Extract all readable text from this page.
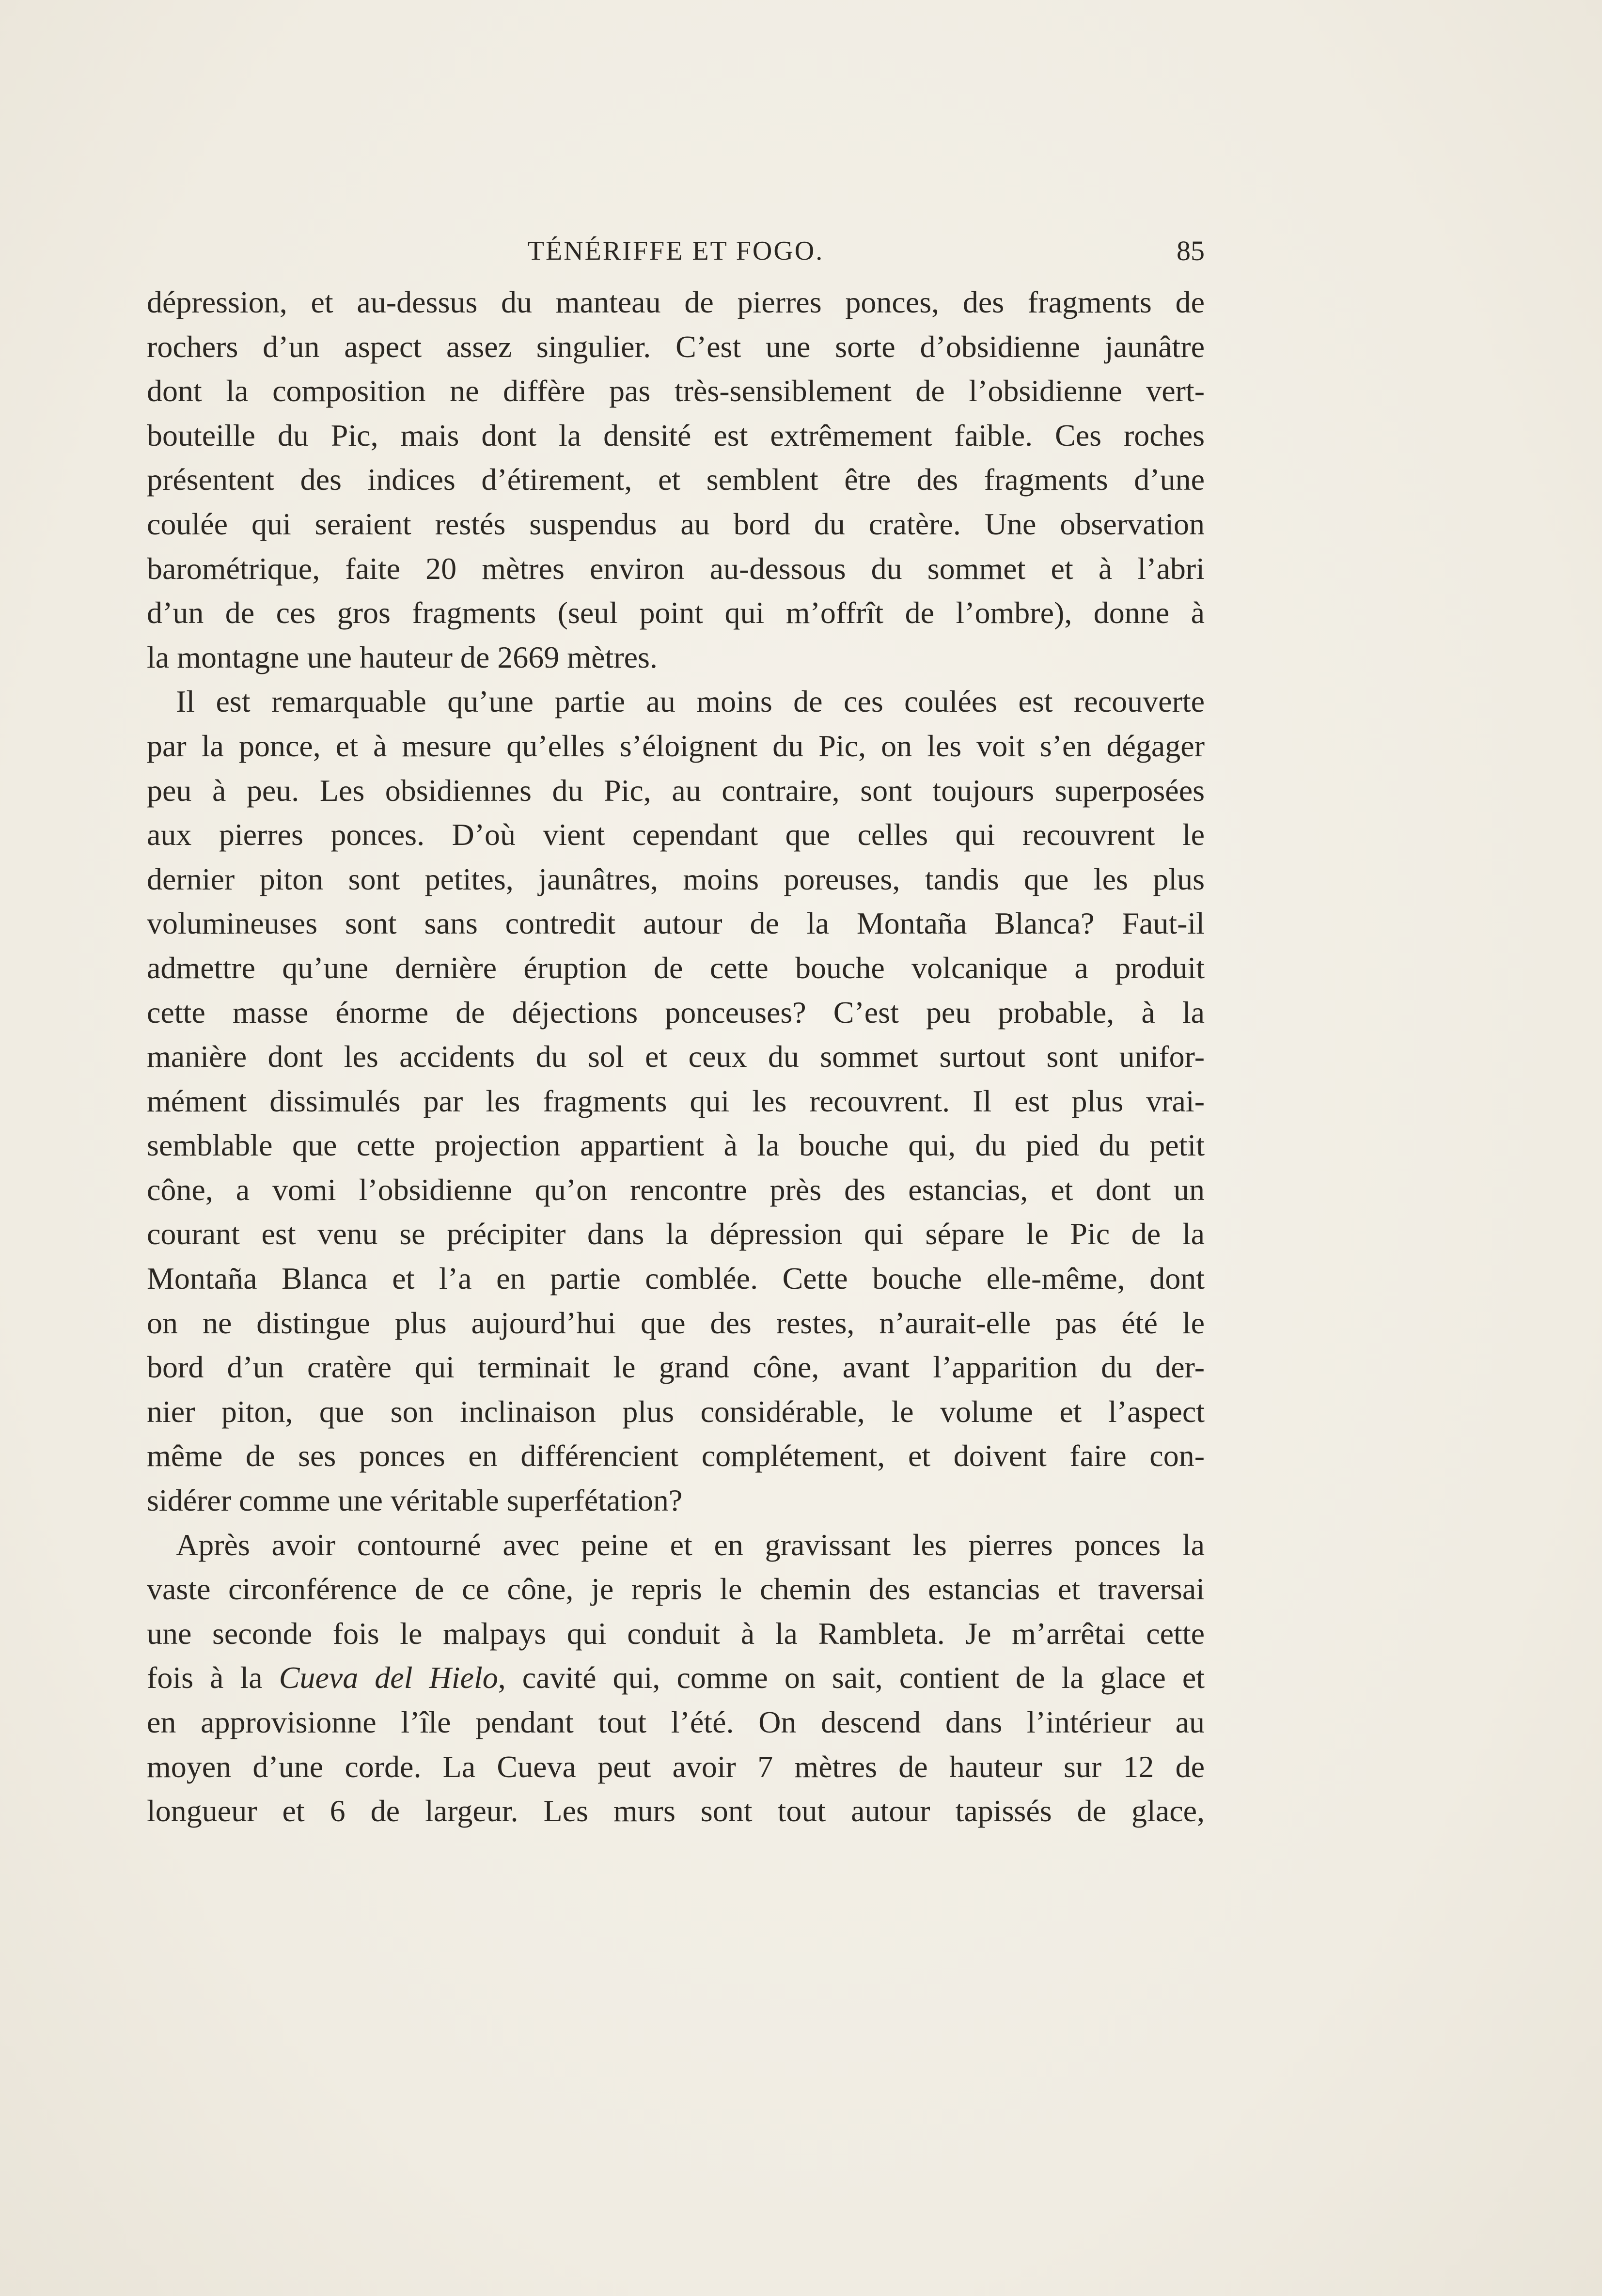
TÉNÉRIFFE ET FOGO.	85
dépression, et au-dessus du manteau de pierres ponces, des fragments de
rochers d’un aspect assez singulier. C’est une sorte d’obsidienne jaunâtre
dont la composition ne diffère pas très-sensiblement de l’obsidienne vert-
bouteille du Pic, mais dont la densité est extrêmement faible. Ces roches
présentent des indices d’étirement, et semblent être des fragments d’une
coulée qui seraient restés suspendus au bord du cratère. Une observation
barométrique, faite 20 mètres environ au-dessous du sommet et à l’abri
d’un de ces gros fragments (seul point qui m’offrît de l’ombre), donne à
la montagne une hauteur de 2669 mètres.
Il est remarquable qu’une partie au moins de ces coulées est recouverte
par la ponce, et à mesure qu’elles s’éloignent du Pic, on les voit s’en dégager
peu à peu. Les obsidiennes du Pic, au contraire, sont toujours superposées
aux pierres ponces. D’où vient cependant que celles qui recouvrent le
dernier piton sont petites, jaunâtres, moins poreuses, tandis que les plus
volumineuses sont sans contredit autour de la Montaña Blanca? Faut-il
admettre qu’une dernière éruption de cette bouche volcanique a produit
cette masse énorme de déjections ponceuses? C’est peu probable, à la
manière dont les accidents du sol et ceux du sommet surtout sont unifor-
mément dissimulés par les fragments qui les recouvrent. Il est plus vrai-
semblable que cette projection appartient à la bouche qui, du pied du petit
cône, a vomi l’obsidienne qu’on rencontre près des estancias, et dont un
courant est venu se précipiter dans la dépression qui sépare le Pic de la
Montaña Blanca et l’a en partie comblée. Cette bouche elle-même, dont
on ne distingue plus aujourd’hui que des restes, n’aurait-elle pas été le
bord d’un cratère qui terminait le grand cône, avant l’apparition du der-
nier piton, que son inclinaison plus considérable, le volume et l’aspect
même de ses ponces en différencient complétement, et doivent faire con-
sidérer comme une véritable superfétation?
Après avoir contourné avec peine et en gravissant les pierres ponces la
vaste circonférence de ce cône, je repris le chemin des estancias et traversai
une seconde fois le malpays qui conduit à la Rambleta. Je m’arrêtai cette
fois à la Cueva del Hielo, cavité qui, comme on sait, contient de la glace et
en approvisionne l’île pendant tout l’été. On descend dans l’intérieur au
moyen d’une corde. La Cueva peut avoir 7 mètres de hauteur sur 12 de
longueur et 6 de largeur. Les murs sont tout autour tapissés de glace,
